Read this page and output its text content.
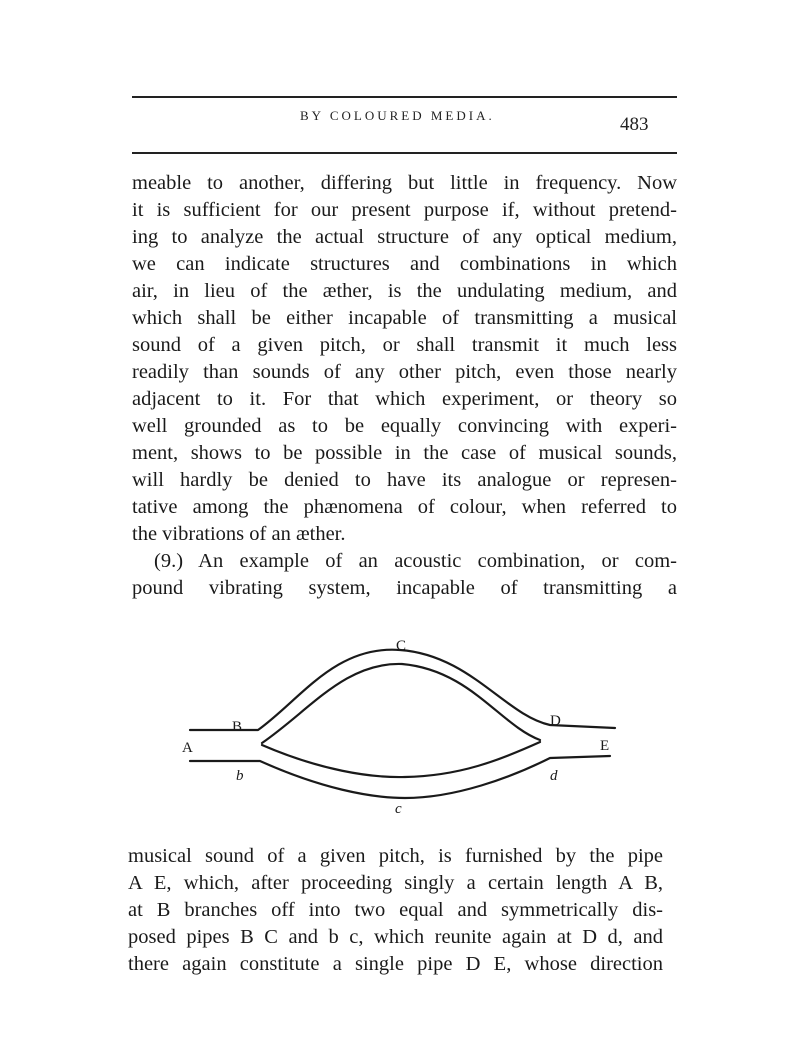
BY COLOURED MEDIA.	483
meable to another, differing but little in frequency. Now
it is sufficient for our present purpose if, without pretend-
ing to analyze the actual structure of any optical medium,
we can indicate structures and combinations in which
air, in lieu of the æther, is the undulating medium, and
which shall be either incapable of transmitting a musical
sound of a given pitch, or shall transmit it much less
readily than sounds of any other pitch, even those nearly
adjacent to it. For that which experiment, or theory so
well grounded as to be equally convincing with experi-
ment, shows to be possible in the case of musical sounds,
will hardly be denied to have its analogue or represen-
tative among the phænomena of colour, when referred to
the vibrations of an æther.
(9.) An example of an acoustic combination, or com-
pound vibrating system, incapable of transmitting a
A
B
C
D
E
b
c
d
musical sound of a given pitch, is furnished by the pipe
A E, which, after proceeding singly a certain length A B,
at B branches off into two equal and symmetrically dis-
posed pipes B C and b c, which reunite again at D d, and
there again constitute a single pipe D E, whose direction
